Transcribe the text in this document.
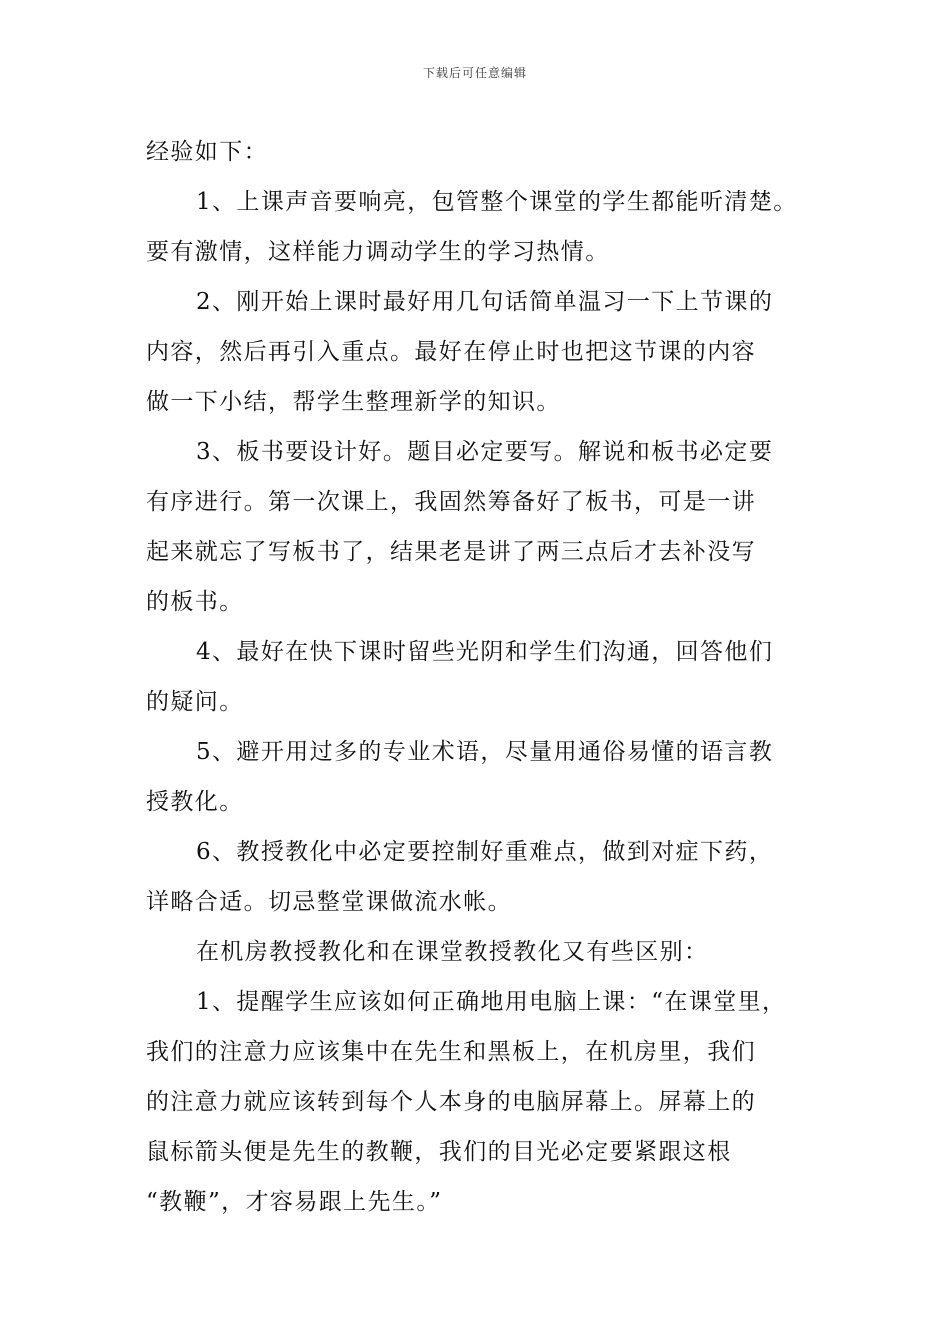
下载后可任意编辑
经验如下：
1、上课声音要响亮，包管整个课堂的学生都能听清楚。
要有激情，这样能力调动学生的学习热情。
2、刚开始上课时最好用几句话简单温习一下上节课的
内容，然后再引入重点。最好在停止时也把这节课的内容
做一下小结，帮学生整理新学的知识。
3、板书要设计好。题目必定要写。解说和板书必定要
有序进行。第一次课上，我固然筹备好了板书，可是一讲
起来就忘了写板书了，结果老是讲了两三点后才去补没写
的板书。
4、最好在快下课时留些光阴和学生们沟通，回答他们
的疑问。
5、避开用过多的专业术语，尽量用通俗易懂的语言教
授教化。
6、教授教化中必定要控制好重难点，做到对症下药，
详略合适。切忌整堂课做流水帐。
在机房教授教化和在课堂教授教化又有些区别：
1、提醒学生应该如何正确地用电脑上课：“在课堂里，
我们的注意力应该集中在先生和黑板上，在机房里，我们
的注意力就应该转到每个人本身的电脑屏幕上。屏幕上的
鼠标箭头便是先生的教鞭，我们的目光必定要紧跟这根
“教鞭”，才容易跟上先生。”
